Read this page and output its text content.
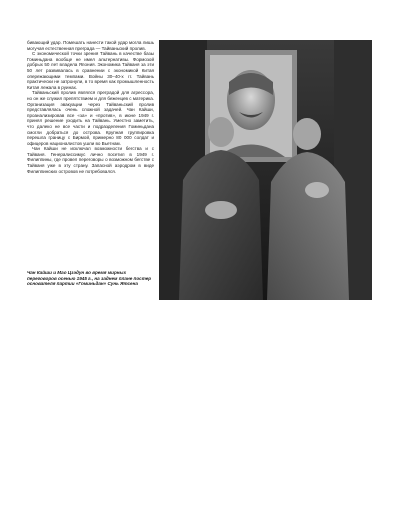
бивающий удар. Помешать нанести такой удар могла лишь могучая естественная преграда — Тайваньский пролив.

С экономической точки зрения Тайвань в качестве базы Гоминьдана вообще не имел альтернативы. Формозой добрых 50 лет владела Япония. Экономика Тайваня за эти 50 лет развивалась в сравнении с экономикой Китая опережающими темпами. Войны 30–40-х гг. Тайвань практически не затронули, в то время как промышленность Китая лежала в руинах.

Тайваньский пролив являлся преградой для агрессора, но он же служил препятствием и для беженцев с материка. Организация эвакуации через Тайваньский пролив представлялась очень сложной задачей. Чан Кайши, проанализировав все «за» и «против», в июне 1949 г. принял решение уходить на Тайвань. Уместно заметить, что далеко не все части и подразделения Гоминьдана смогли добраться до острова. Крупная группировка перешла границу с Бирмой, примерно 80 000 солдат и офицеров националистов ушли во Вьетнам.

Чан Кайши не исключал возможности бегства и с Тайваня. Генералиссимус лично посетил в 1949 г. Филиппины, где провел переговоры о возможном бегстве с Тайваня уже в эту страну. Запасной аэродром в виде Филиппинских островов не потребовался.

Чан Кайши и Мао Цзэдун во время мирных переговоров осенью 1945 г., на заднем плане постер основателя партии «Гоминьдан» Сунь Ятсена
